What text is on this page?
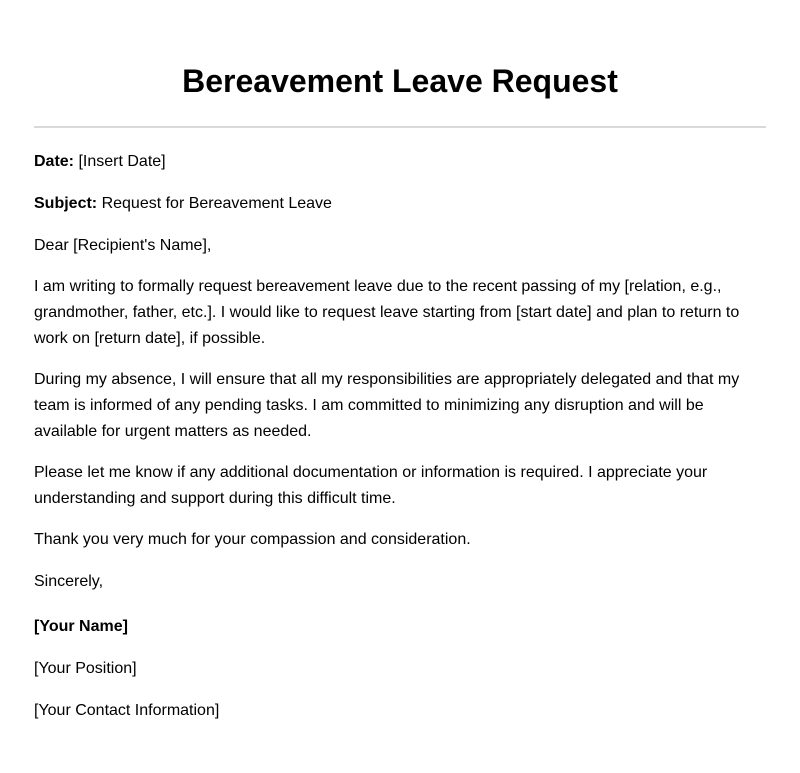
Bereavement Leave Request

Date: [Insert Date]

Subject: Request for Bereavement Leave

Dear [Recipient's Name],

I am writing to formally request bereavement leave due to the recent passing of my [relation, e.g., grandmother, father, etc.]. I would like to request leave starting from [start date] and plan to return to work on [return date], if possible.

During my absence, I will ensure that all my responsibilities are appropriately delegated and that my team is informed of any pending tasks. I am committed to minimizing any disruption and will be available for urgent matters as needed.

Please let me know if any additional documentation or information is required. I appreciate your understanding and support during this difficult time.

Thank you very much for your compassion and consideration.

Sincerely,

[Your Name]

[Your Position]

[Your Contact Information]
